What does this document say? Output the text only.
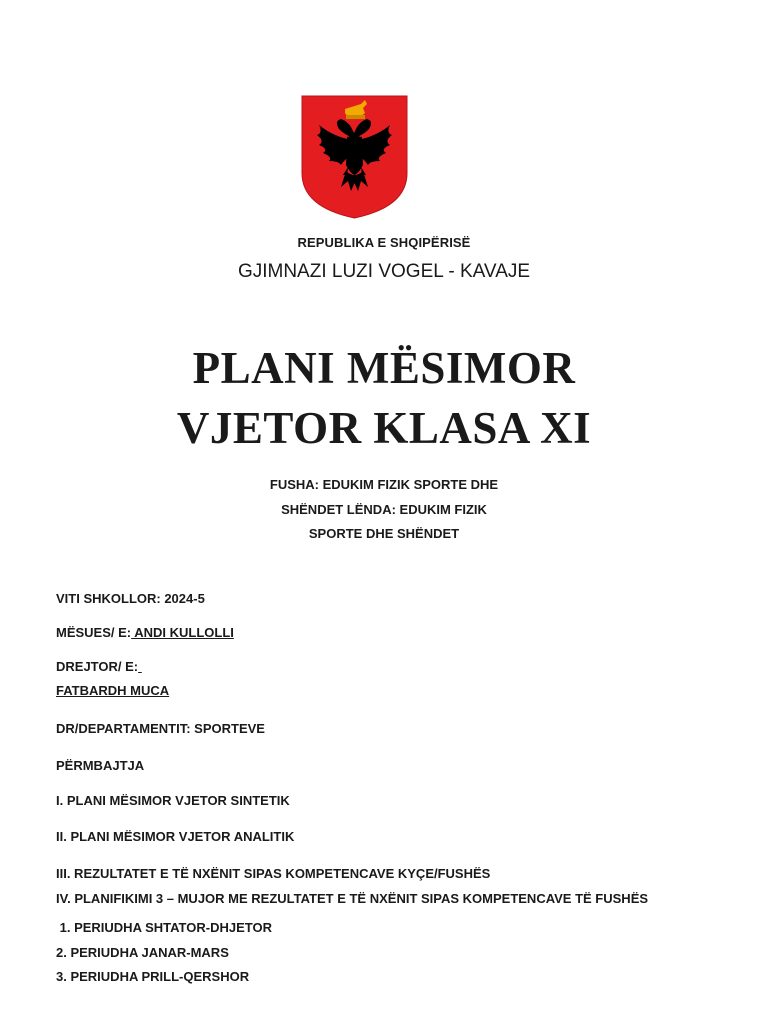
REPUBLIKA E SHQIPËRISË
GJIMNAZI LUZI VOGEL - KAVAJE
PLANI MËSIMOR
VJETOR KLASA XI
FUSHA: EDUKIM FIZIK SPORTE DHE
SHËNDET LËNDA: EDUKIM FIZIK
SPORTE DHE SHËNDET
VITI SHKOLLOR: 2024-5
MËSUES/ E: ANDI KULLOLLI
DREJTOR/ E:
FATBARDH MUCA
DR/DEPARTAMENTIT: SPORTEVE
PËRMBAJTJA
I. PLANI MËSIMOR VJETOR SINTETIK
II. PLANI MËSIMOR VJETOR ANALITIK
III. REZULTATET E TË NXËNIT SIPAS KOMPETENCAVE KYÇE/FUSHËS
IV. PLANIFIKIMI 3 – MUJOR ME REZULTATET E TË NXËNIT SIPAS KOMPETENCAVE TË FUSHËS
1. PERIUDHA SHTATOR-DHJETOR
2. PERIUDHA JANAR-MARS
3. PERIUDHA PRILL-QERSHOR
